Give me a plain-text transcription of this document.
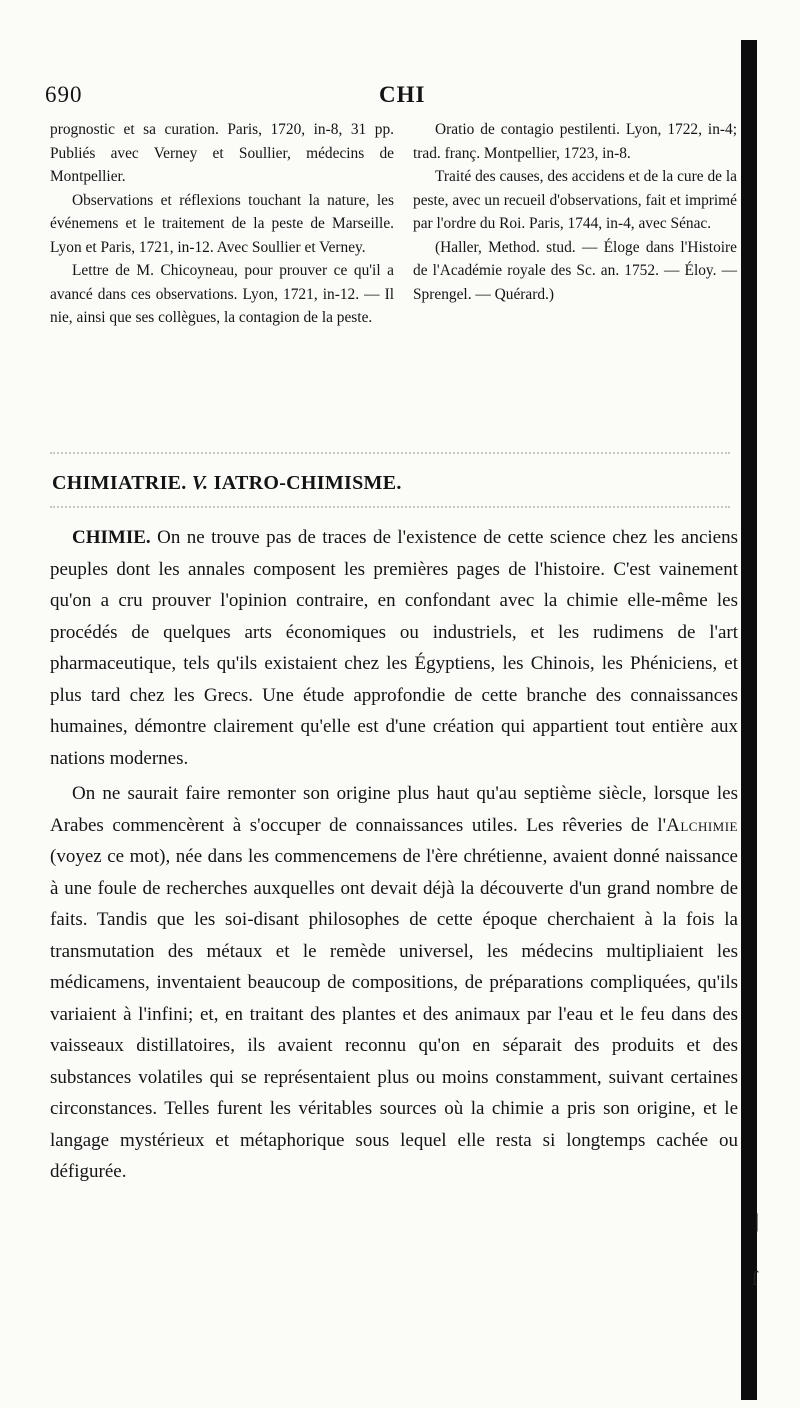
|
ſ
690	CHI

prognostic et sa curation. Paris, 1720, in-8, 31 pp. Publiés avec Verney et Soullier, médecins de Montpellier.

Observations et réflexions touchant la nature, les événemens et le traitement de la peste de Marseille. Lyon et Paris, 1721, in-12. Avec Soullier et Verney.

Lettre de M. Chicoyneau, pour prouver ce qu'il a avancé dans ces observations. Lyon, 1721, in-12. — Il nie, ainsi que ses collègues, la contagion de la peste.

Oratio de contagio pestilenti. Lyon, 1722, in-4; trad. franç. Montpellier, 1723, in-8.

Traité des causes, des accidens et de la cure de la peste, avec un recueil d'observations, fait et imprimé par l'ordre du Roi. Paris, 1744, in-4, avec Sénac.

(Haller, Method. stud. — Éloge dans l'Histoire de l'Académie royale des Sc. an. 1752. — Éloy. — Sprengel. — Quérard.)

CHIMIATRIE. V. IATRO-CHIMISME.

CHIMIE. On ne trouve pas de traces de l'existence de cette science chez les anciens peuples dont les annales composent les premières pages de l'histoire. C'est vainement qu'on a cru prouver l'opinion contraire, en confondant avec la chimie elle-même les procédés de quelques arts économiques ou industriels, et les rudimens de l'art pharmaceutique, tels qu'ils existaient chez les Égyptiens, les Chinois, les Phéniciens, et plus tard chez les Grecs. Une étude approfondie de cette branche des connaissances humaines, démontre clairement qu'elle est d'une création qui appartient tout entière aux nations modernes.

On ne saurait faire remonter son origine plus haut qu'au septième siècle, lorsque les Arabes commencèrent à s'occuper de connaissances utiles. Les rêveries de l'Alchimie (voyez ce mot), née dans les commencemens de l'ère chrétienne, avaient donné naissance à une foule de recherches auxquelles ont devait déjà la découverte d'un grand nombre de faits. Tandis que les soi-disant philosophes de cette époque cherchaient à la fois la transmutation des métaux et le remède universel, les médecins multipliaient les médicamens, inventaient beaucoup de compositions, de préparations compliquées, qu'ils variaient à l'infini; et, en traitant des plantes et des animaux par l'eau et le feu dans des vaisseaux distillatoires, ils avaient reconnu qu'on en séparait des produits et des substances volatiles qui se représentaient plus ou moins constamment, suivant certaines circonstances. Telles furent les véritables sources où la chimie a pris son origine, et le langage mystérieux et métaphorique sous lequel elle resta si longtemps cachée ou défigurée.
